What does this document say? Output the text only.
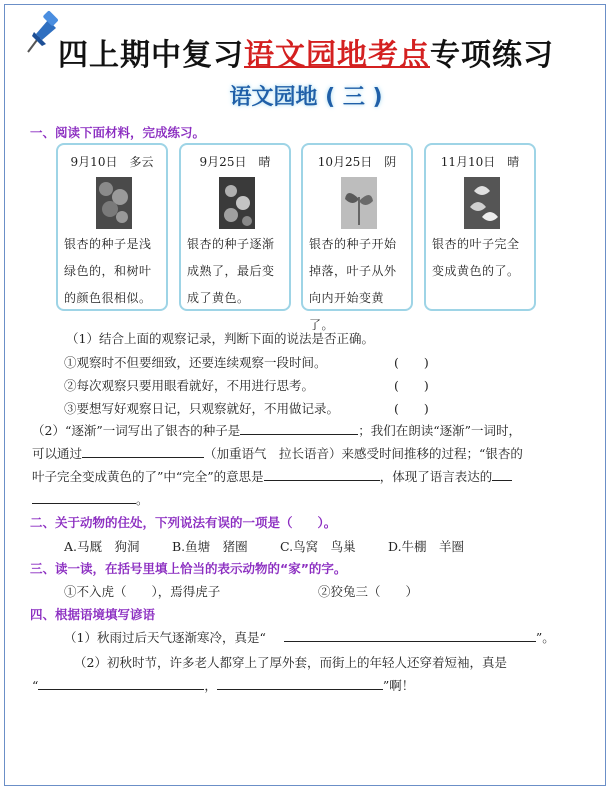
四上期中复习语文园地考点专项练习
语文园地 ( 三 )
一、阅读下面材料，完成练习。
9月10日　多云
银杏的种子是浅绿色的，和树叶的颜色很相似。
9月25日　晴
银杏的种子逐渐成熟了，最后变成了黄色。
10月25日　阴
银杏的种子开始掉落，叶子从外向内开始变黄了。
11月10日　晴
银杏的叶子完全变成黄色的了。
（1）结合上面的观察记录，判断下面的说法是否正确。
①观察时不但要细致，还要连续观察一段时间。	(　　)
②每次观察只要用眼看就好，不用进行思考。	(　　)
③要想写好观察日记，只观察就好，不用做记录。	(　　)
（2）“逐渐”一词写出了银杏的种子是	；我们在朗读“逐渐”一词时，
可以通过	（加重语气　拉长语音）来感受时间推移的过程；“银杏的
叶子完全变成黄色的了”中“完全”的意思是	，体现了语言表达的
。
二、关于动物的住处，下列说法有误的一项是（　　）。
A.马厩　狗洞	B.鱼塘　猪圈	C.鸟窝　鸟巢	D.牛棚　羊圈
三、读一读，在括号里填上恰当的表示动物的“家”的字。
①不入虎（　　），焉得虎子	②狡兔三（　　）
四、根据语境填写谚语
（1）秋雨过后天气逐渐寒冷，真是“	”。
（2）初秋时节，许多老人都穿上了厚外套，而街上的年轻人还穿着短袖，真是
“	，	”啊！
